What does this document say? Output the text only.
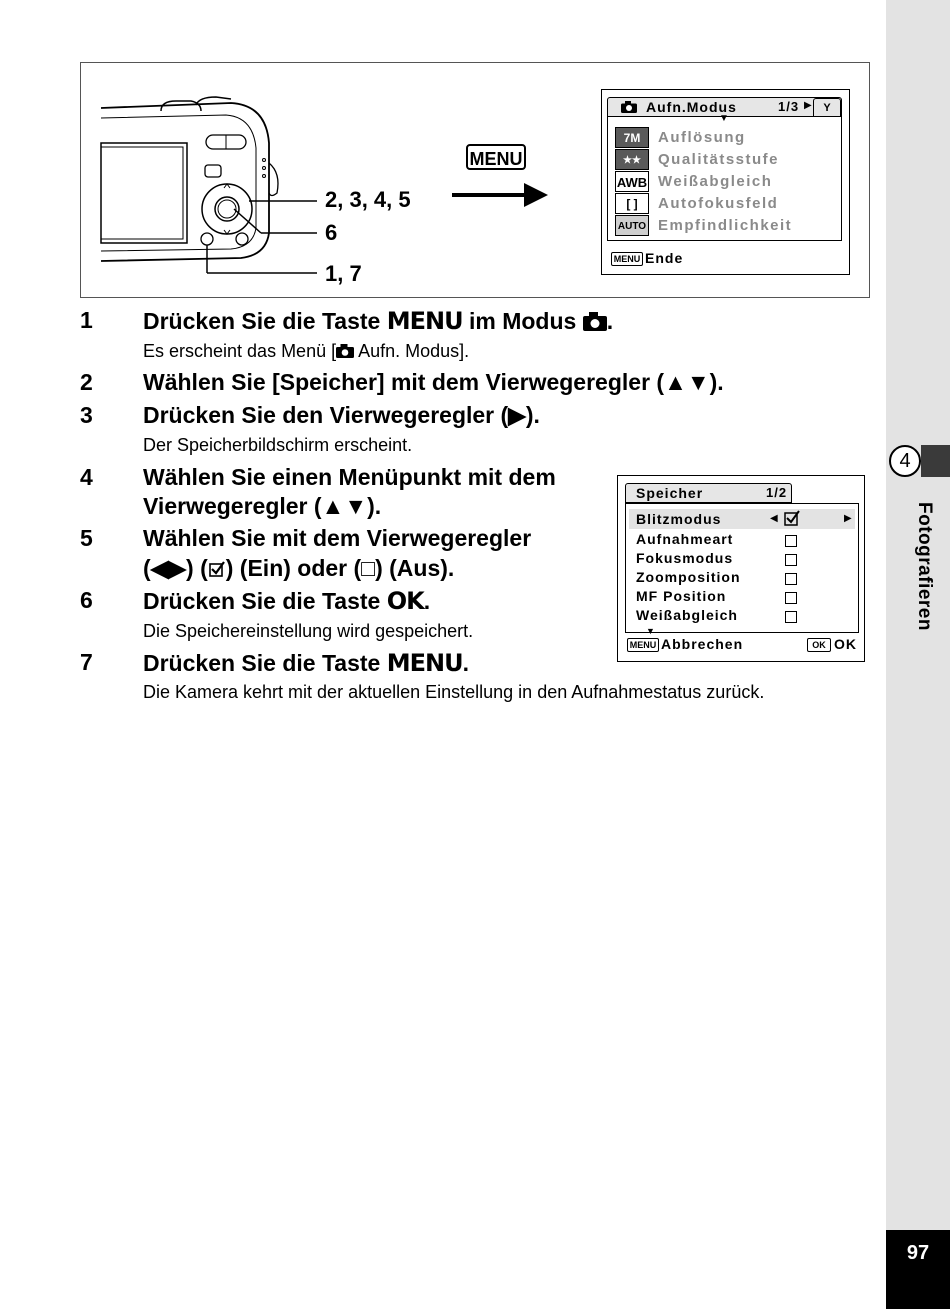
4
Fotografieren
97
2, 3, 4, 5
6
1, 7
MENU
Aufn.Modus	1/3 ▶	Y
▼
7M	Auflösung
★★	Qualitätsstufe
AWB Weißabgleich
[ ]	Autofokusfeld
AUTO Empfindlichkeit
MENU Ende
1 Drücken Sie die Taste MENU im Modus .
Es erscheint das Menü [ Aufn. Modus].
2 Wählen Sie [Speicher] mit dem Vierwegeregler (▲▼).
3 Drücken Sie den Vierwegeregler (▶).
Der Speicherbildschirm erscheint.
4 Wählen Sie einen Menüpunkt mit dem
Vierwegeregler (▲▼).
5 Wählen Sie mit dem Vierwegeregler
(◀▶) ( ) (Ein) oder (□) (Aus).
6 Drücken Sie die Taste OK.
Die Speichereinstellung wird gespeichert.
7 Drücken Sie die Taste MENU.
Die Kamera kehrt mit der aktuellen Einstellung in den Aufnahmestatus zurück.
Speicher	1/2
Blitzmodus	◀	▶
Aufnahmeart
Fokusmodus
Zoomposition
MF Position
Weißabgleich
▼
MENU Abbrechen	OK OK
